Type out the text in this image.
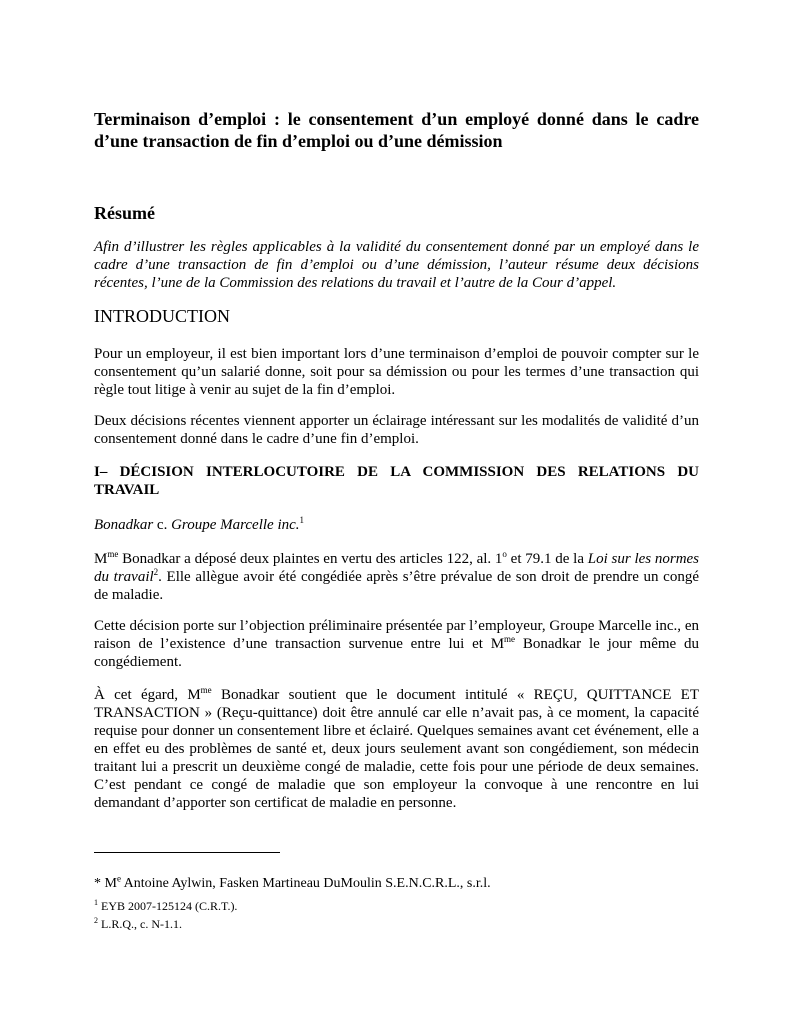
Terminaison d’emploi : le consentement d’un employé donné dans le cadre d’une transaction de fin d’emploi ou d’une démission
Résumé

Afin d’illustrer les règles applicables à la validité du consentement donné par un employé dans le cadre d’une transaction de fin d’emploi ou d’une démission, l’auteur résume deux décisions récentes, l’une de la Commission des relations du travail et l’autre de la Cour d’appel.

INTRODUCTION

Pour un employeur, il est bien important lors d’une terminaison d’emploi de pouvoir compter sur le consentement qu’un salarié donne, soit pour sa démission ou pour les termes d’une transaction qui règle tout litige à venir au sujet de la fin d’emploi.

Deux décisions récentes viennent apporter un éclairage intéressant sur les modalités de validité d’un consentement donné dans le cadre d’une fin d’emploi.

I– DÉCISION INTERLOCUTOIRE DE LA COMMISSION DES RELATIONS DU TRAVAIL

Bonadkar c. Groupe Marcelle inc.$^1$

$M^{me}$ Bonadkar a déposé deux plaintes en vertu des articles 122, al. 1$^o$ et 79.1 de la Loi sur les normes du travail$^2$. Elle allègue avoir été congédiée après s’être prévalue de son droit de prendre un congé de maladie.

Cette décision porte sur l’objection préliminaire présentée par l’employeur, Groupe Marcelle inc., en raison de l’existence d’une transaction survenue entre lui et $M^{me}$ Bonadkar le jour même du congédiement.

À cet égard, $M^{me}$ Bonadkar soutient que le document intitulé « REÇU, QUITTANCE ET TRANSACTION » (Reçu-quittance) doit être annulé car elle n’avait pas, à ce moment, la capacité requise pour donner un consentement libre et éclairé. Quelques semaines avant cet événement, elle a en effet eu des problèmes de santé et, deux jours seulement avant son congédiement, son médecin traitant lui a prescrit un deuxième congé de maladie, cette fois pour une période de deux semaines. C’est pendant ce congé de maladie que son employeur la convoque à une rencontre en lui demandant d’apporter son certificat de maladie en personne.

* Me Antoine Aylwin, Fasken Martineau DuMoulin S.E.N.C.R.L., s.r.l.

$^1$ EYB 2007-125124 (C.R.T.).

$^2$ L.R.Q., c. N-1.1.
